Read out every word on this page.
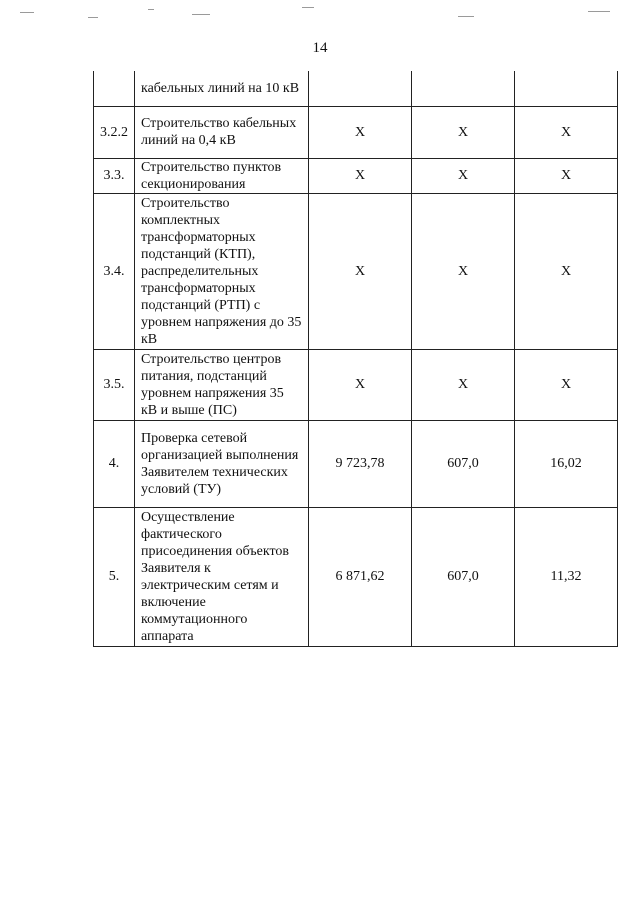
14
	кабельных линий на 10 кВ			
3.2.2	Строительство кабельных линий на 0,4 кВ	Х	Х	Х
3.3.	Строительство пунктов секционирования	Х	Х	Х
3.4.	Строительство комплектных трансформаторных подстанций (КТП), распределительных трансформаторных подстанций (РТП) с уровнем напряжения до 35 кВ	Х	Х	Х
3.5.	Строительство центров питания, подстанций уровнем напряжения 35 кВ и выше (ПС)	Х	Х	Х
4.	Проверка сетевой организацией выполнения Заявителем технических условий (ТУ)	9 723,78	607,0	16,02
5.	Осуществление фактического присоединения объектов Заявителя к электрическим сетям и включение коммутационного аппарата	6 871,62	607,0	11,32
